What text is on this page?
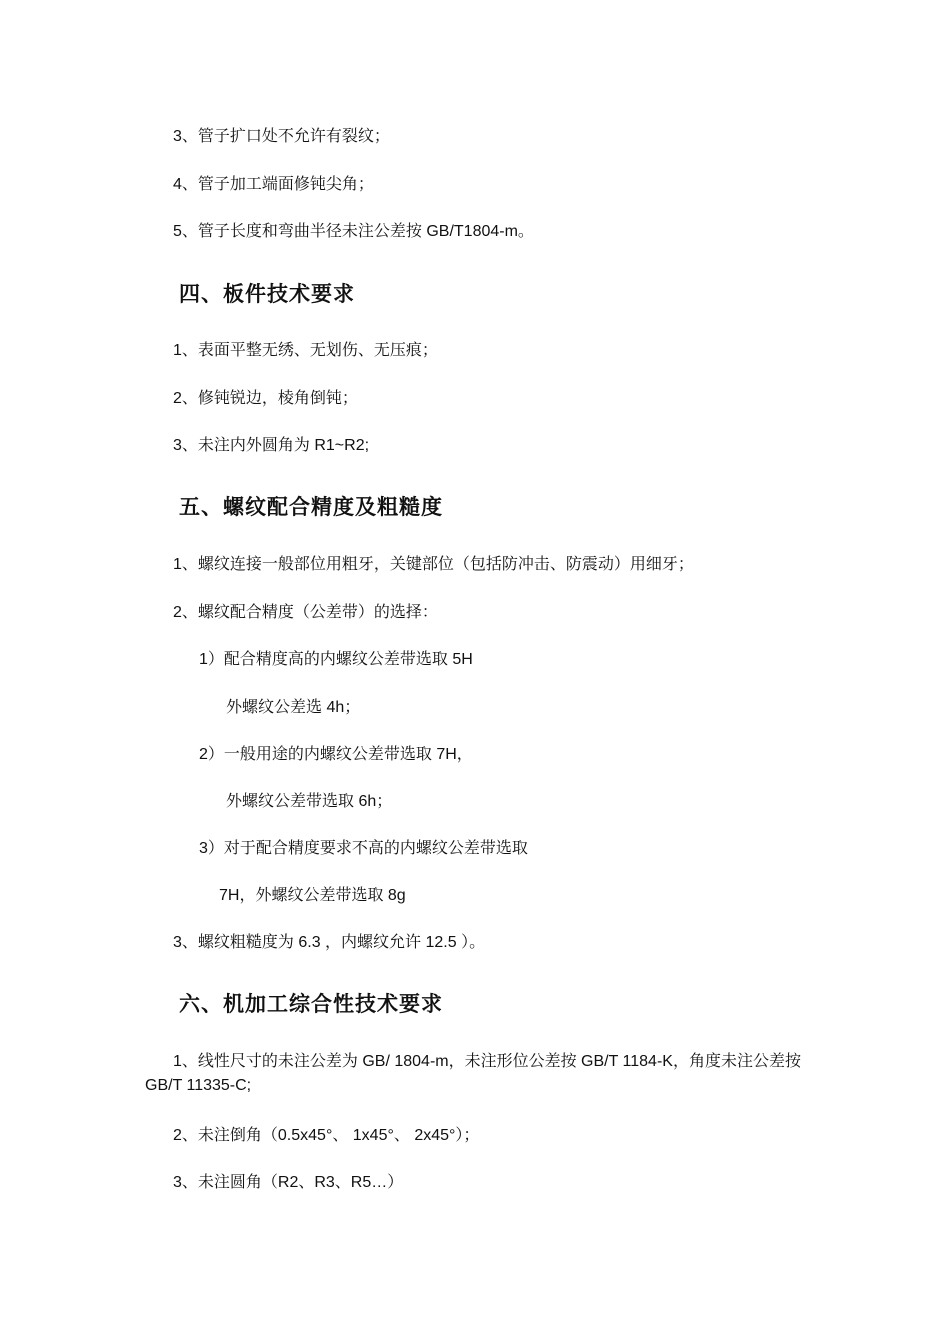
3、管子扩口处不允许有裂纹；
4、管子加工端面修钝尖角；
5、管子长度和弯曲半径未注公差按 GB/T1804-m。
四、板件技术要求
1、表面平整无绣、无划伤、无压痕；
2、修钝锐边，棱角倒钝；
3、未注内外圆角为 R1~R2;
五、螺纹配合精度及粗糙度
1、螺纹连接一般部位用粗牙，关键部位（包括防冲击、防震动）用细牙；
2、螺纹配合精度（公差带）的选择：
1）配合精度高的内螺纹公差带选取 5H
外螺纹公差选 4h；
2）一般用途的内螺纹公差带选取 7H，
外螺纹公差带选取 6h；
3）对于配合精度要求不高的内螺纹公差带选取
7H，外螺纹公差带选取 8g
3、螺纹粗糙度为 6.3 ，内螺纹允许 12.5 ）。
六、机加工综合性技术要求
1、线性尺寸的未注公差为 GB/ 1804-m，未注形位公差按 GB/T 1184-K，角度未注公差按 GB/T 11335-C;
2、未注倒角（0.5x45°、 1x45°、 2x45°）；
3、未注圆角（R2、R3、R5…）
